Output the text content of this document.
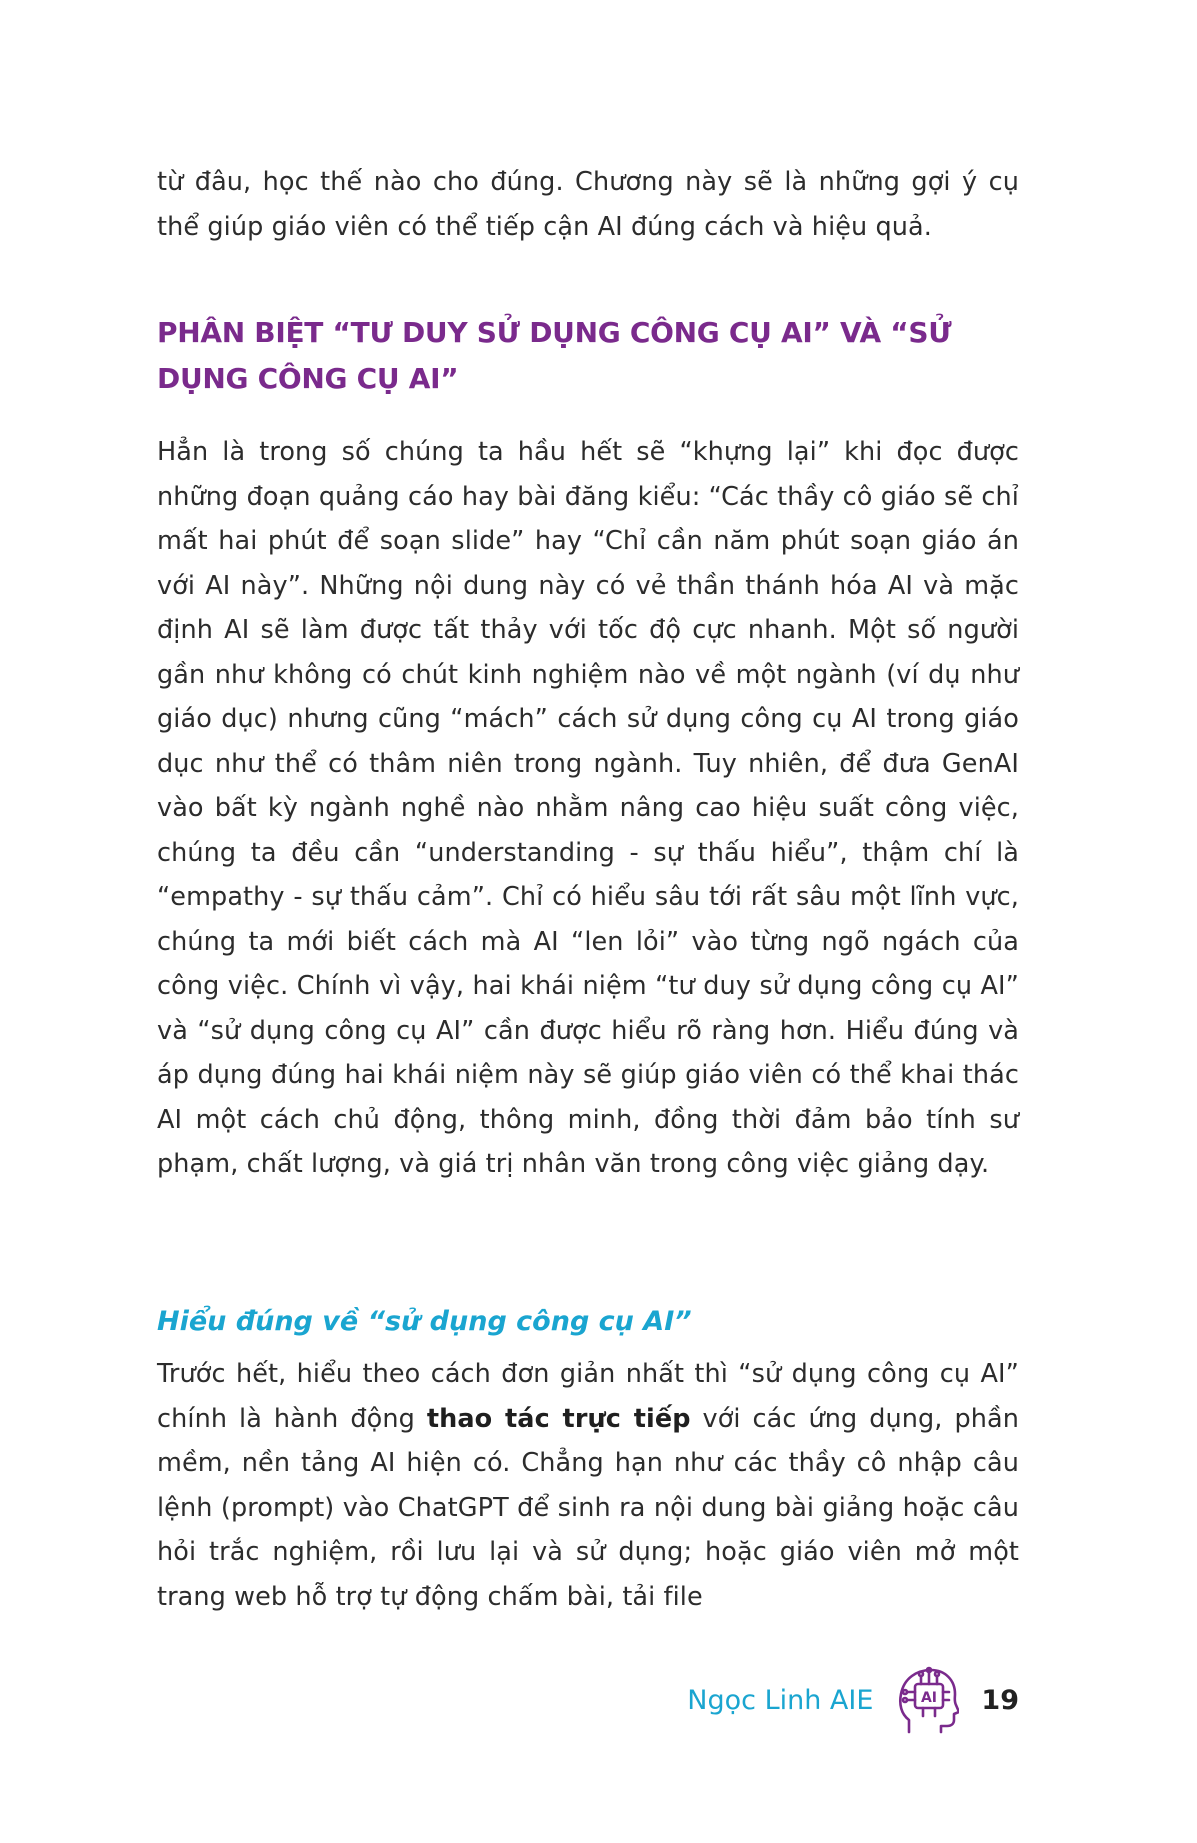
từ đâu, học thế nào cho đúng. Chương này sẽ là những gợi ý cụ thể giúp giáo viên có thể tiếp cận AI đúng cách và hiệu quả.

PHÂN BIỆT “TƯ DUY SỬ DỤNG CÔNG CỤ AI” VÀ “SỬ DỤNG CÔNG CỤ AI”

Hẳn là trong số chúng ta hầu hết sẽ “khựng lại” khi đọc được những đoạn quảng cáo hay bài đăng kiểu: “Các thầy cô giáo sẽ chỉ mất hai phút để soạn slide” hay “Chỉ cần năm phút soạn giáo án với AI này”. Những nội dung này có vẻ thần thánh hóa AI và mặc định AI sẽ làm được tất thảy với tốc độ cực nhanh. Một số người gần như không có chút kinh nghiệm nào về một ngành (ví dụ như giáo dục) nhưng cũng “mách” cách sử dụng công cụ AI trong giáo dục như thể có thâm niên trong ngành. Tuy nhiên, để đưa GenAI vào bất kỳ ngành nghề nào nhằm nâng cao hiệu suất công việc, chúng ta đều cần “understanding - sự thấu hiểu”, thậm chí là “empathy - sự thấu cảm”. Chỉ có hiểu sâu tới rất sâu một lĩnh vực, chúng ta mới biết cách mà AI “len lỏi” vào từng ngõ ngách của công việc. Chính vì vậy, hai khái niệm “tư duy sử dụng công cụ AI” và “sử dụng công cụ AI” cần được hiểu rõ ràng hơn. Hiểu đúng và áp dụng đúng hai khái niệm này sẽ giúp giáo viên có thể khai thác AI một cách chủ động, thông minh, đồng thời đảm bảo tính sư phạm, chất lượng, và giá trị nhân văn trong công việc giảng dạy.

Hiểu đúng về “sử dụng công cụ AI”

Trước hết, hiểu theo cách đơn giản nhất thì “sử dụng công cụ AI” chính là hành động thao tác trực tiếp với các ứng dụng, phần mềm, nền tảng AI hiện có. Chẳng hạn như các thầy cô nhập câu lệnh (prompt) vào ChatGPT để sinh ra nội dung bài giảng hoặc câu hỏi trắc nghiệm, rồi lưu lại và sử dụng; hoặc giáo viên mở một trang web hỗ trợ tự động chấm bài, tải file

Ngọc Linh AIE	AI 19
